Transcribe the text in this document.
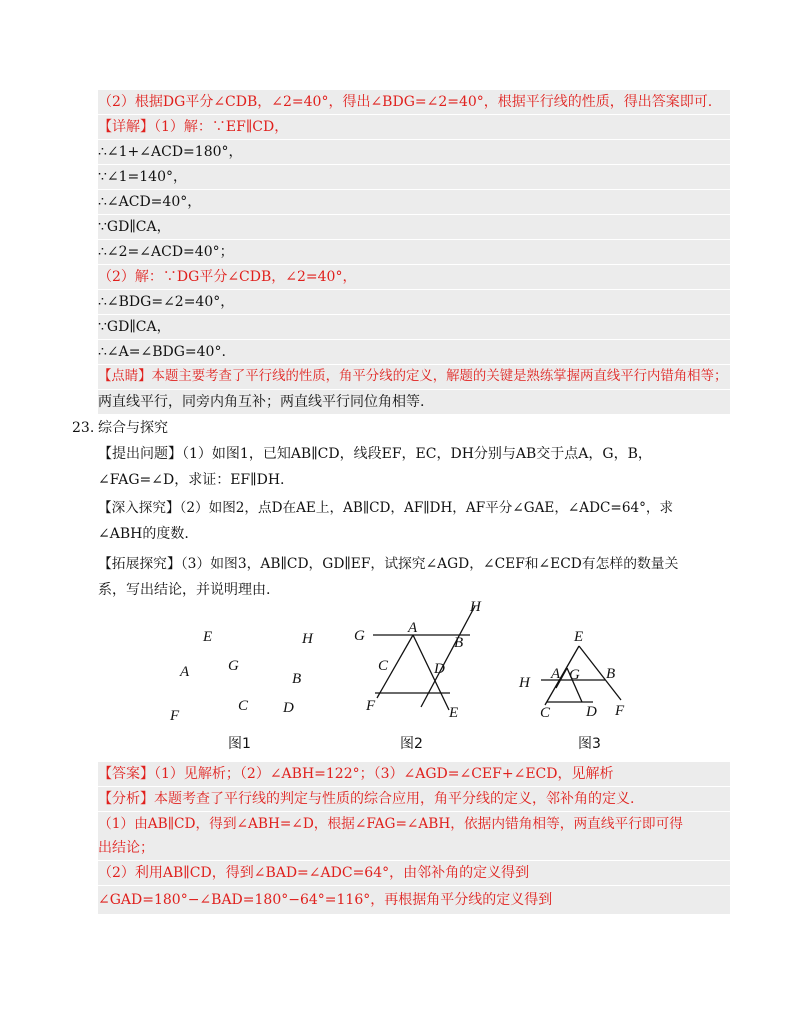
（2）根据DG平分∠CDB，∠2=40°，得出∠BDG=∠2=40°，根据平行线的性质，得出答案即可.
【详解】（1）解：∵EF∥CD，
∴∠1+∠ACD=180°，
∵∠1=140°，
∴∠ACD=40°，
∵GD∥CA，
∴∠2=∠ACD=40°；
（2）解：∵DG平分∠CDB，∠2=40°，
∴∠BDG=∠2=40°，
∵GD∥CA，
∴∠A=∠BDG=40°.
【点睛】本题主要考查了平行线的性质，角平分线的定义，解题的关键是熟练掌握两直线平行内错角相等；
两直线平行，同旁内角互补；两直线平行同位角相等.
23. 综合与探究
【提出问题】（1）如图1，已知AB∥CD，线段EF，EC，DH分别与AB交于点A，G，B，
∠FAG=∠D，求证：EF∥DH.
【深入探究】（2）如图2，点D在AE上，AB∥CD，AF∥DH，AF平分∠GAE，∠ADC=64°，求
∠ABH的度数.
【拓展探究】（3）如图3，AB∥CD，GD∥EF，试探究∠AGD，∠CEF和∠ECD有怎样的数量关
系，写出结论，并说明理由.
E	H
A	G
B
C D
F
图1
H
G	A
B
C	D
F	E
图2
E
A	B
H	G
C D F
图3
【答案】（1）见解析；（2）∠ABH=122°；（3）∠AGD=∠CEF+∠ECD，见解析
【分析】本题考查了平行线的判定与性质的综合应用，角平分线的定义，邻补角的定义.
（1）由AB∥CD，得到∠ABH=∠D，根据∠FAG=∠ABH，依据内错角相等，两直线平行即可得
出结论；
（2）利用AB∥CD，得到∠BAD=∠ADC=64°，由邻补角的定义得到
∠GAD=180°−∠BAD=180°−64°=116°，再根据角平分线的定义得到
